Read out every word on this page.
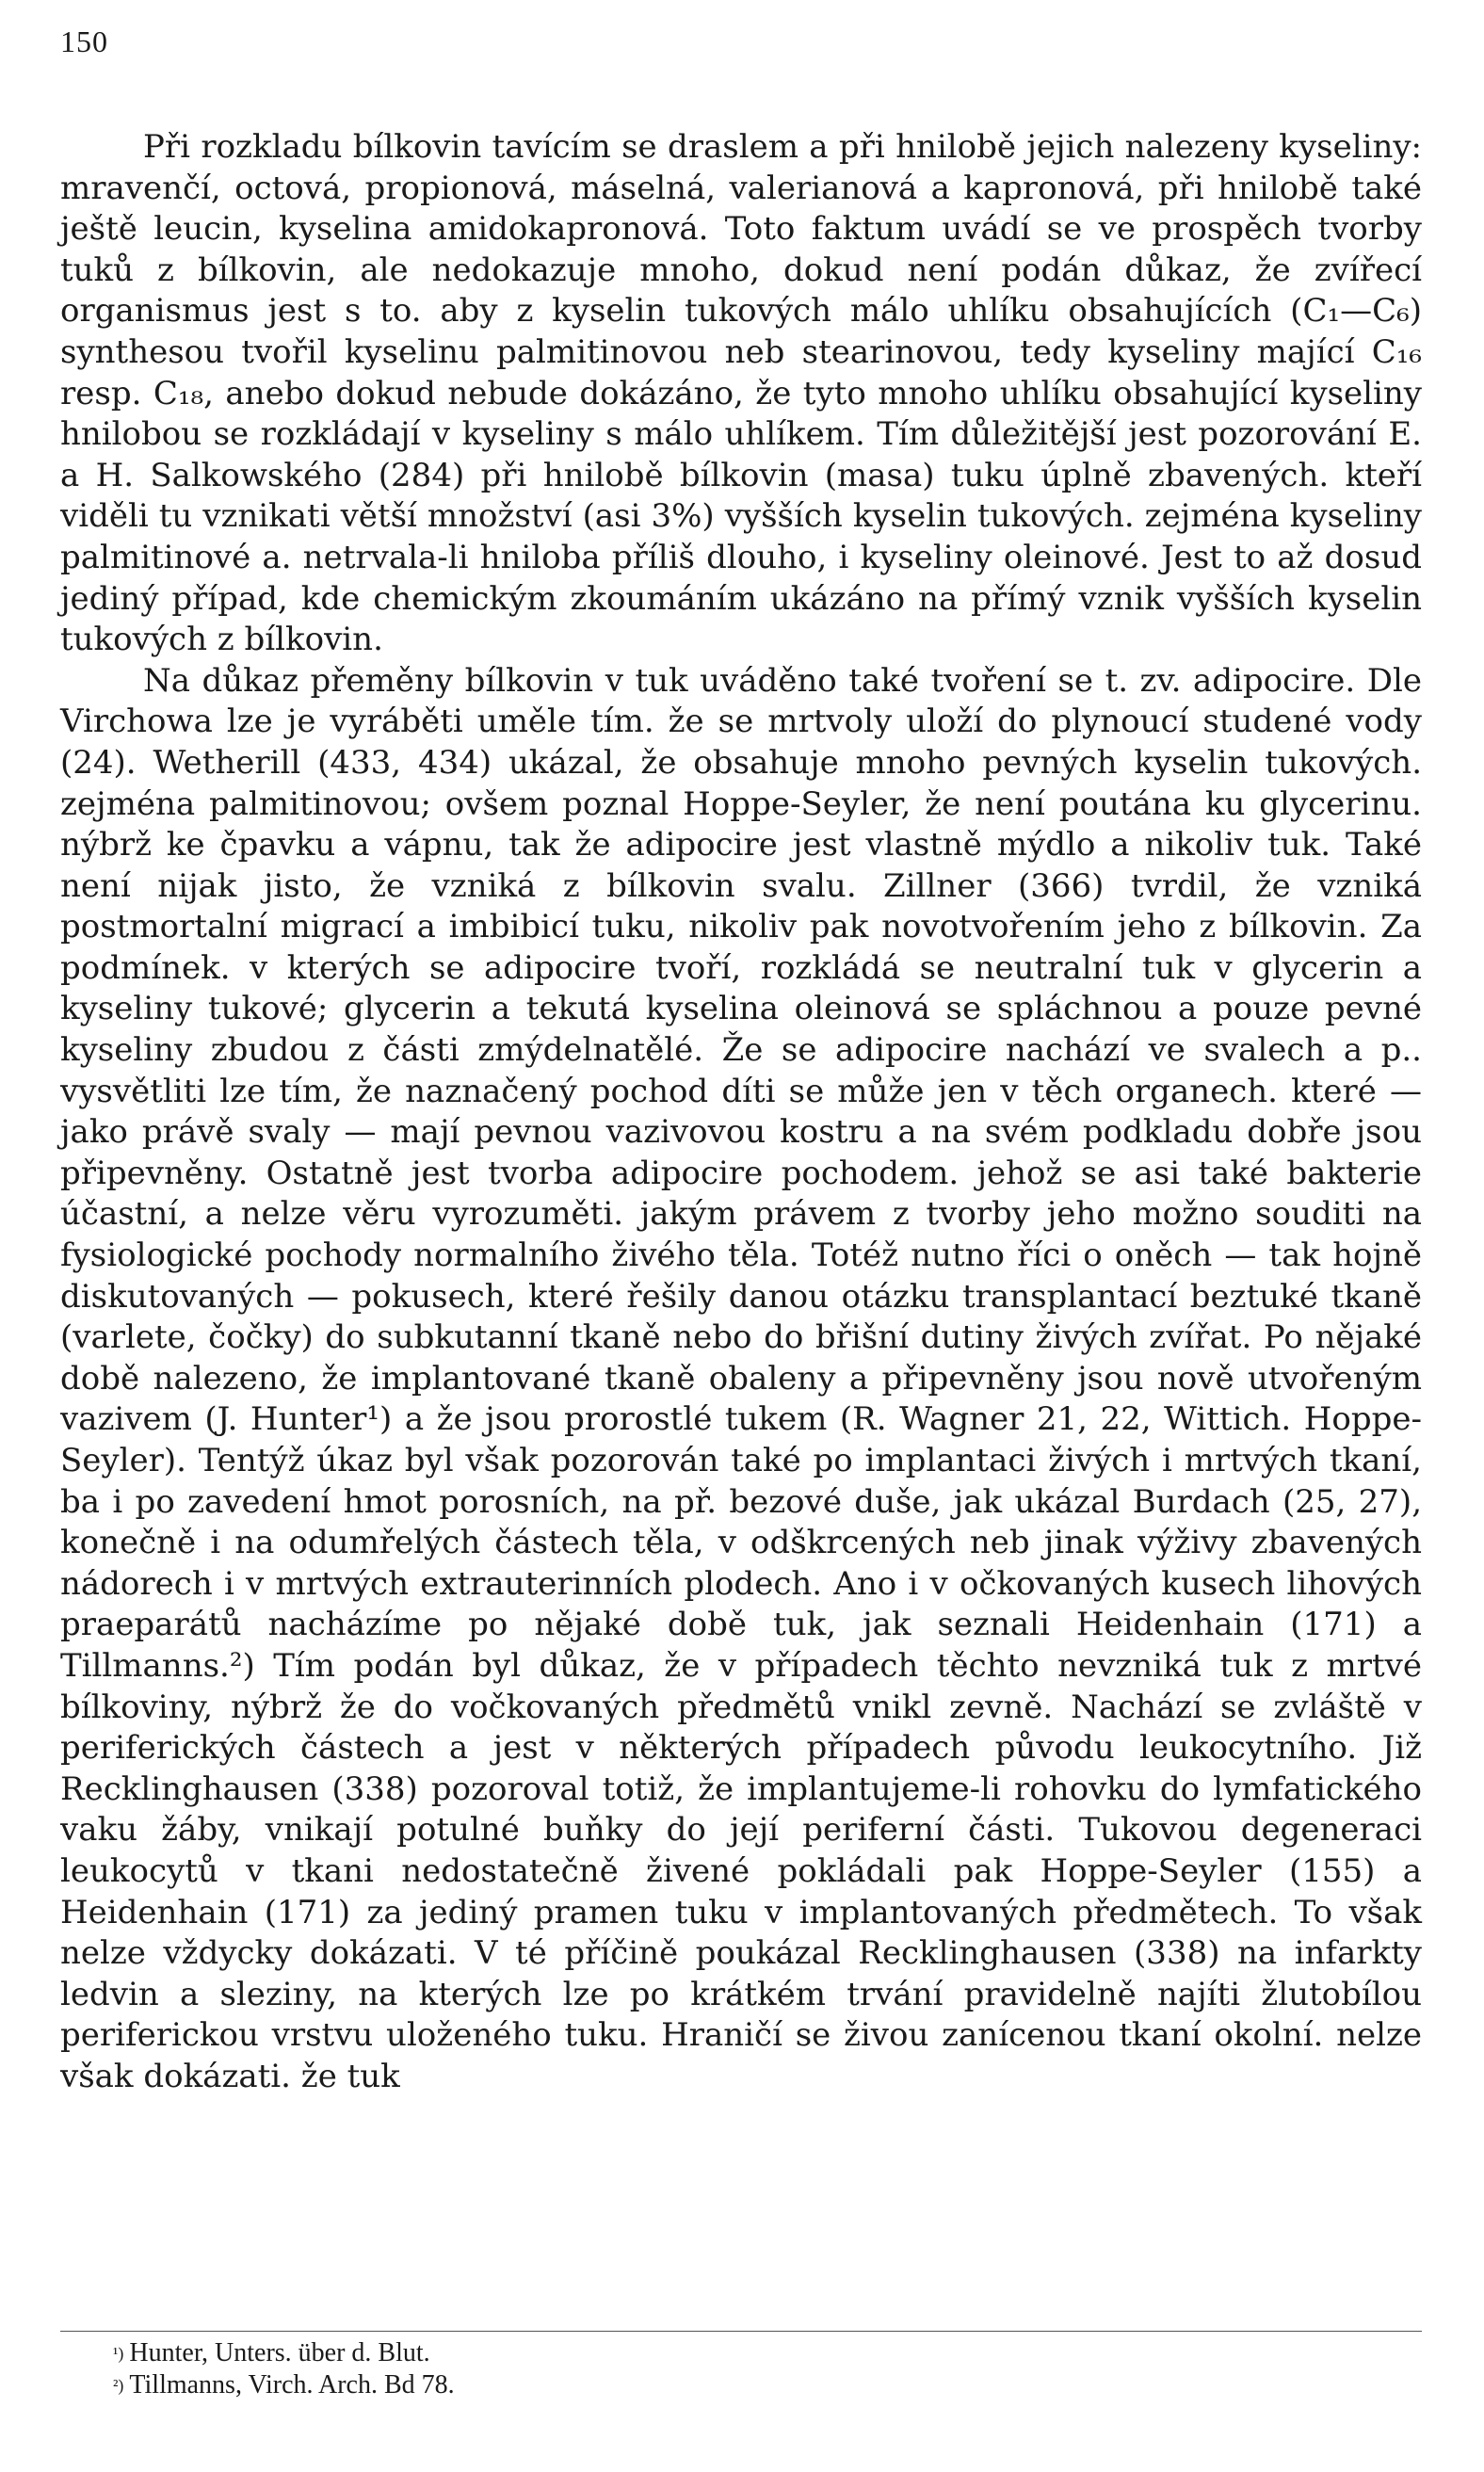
150

Při rozkladu bílkovin tavícím se draslem a při hnilobě jejich nalezeny kyseliny: mravenčí, octová, propionová, máselná, valerianová a kapronová, při hnilobě také ještě leucin, kyselina amidokapronová. Toto faktum uvádí se ve prospěch tvorby tuků z bílkovin, ale nedokazuje mnoho, dokud není podán důkaz, že zvířecí organismus jest s to. aby z kyselin tukových málo uhlíku obsahujících (C₁—C₆) synthesou tvořil kyselinu palmitinovou neb stearinovou, tedy kyseliny mající C₁₆ resp. C₁₈, anebo dokud nebude dokázáno, že tyto mnoho uhlíku obsahující kyseliny hnilobou se rozkládají v kyseliny s málo uhlíkem. Tím důležitější jest pozorování E. a H. Salkowského (284) při hnilobě bílkovin (masa) tuku úplně zbavených. kteří viděli tu vznikati větší množství (asi 3%) vyšších kyselin tukových. zejména kyseliny palmitinové a. netrvala-li hniloba příliš dlouho, i kyseliny oleinové. Jest to až dosud jediný případ, kde chemickým zkoumáním ukázáno na přímý vznik vyšších kyselin tukových z bílkovin.

Na důkaz přeměny bílkovin v tuk uváděno také tvoření se t. zv. adipocire. Dle Virchowa lze je vyráběti uměle tím. že se mrtvoly uloží do plynoucí studené vody (24). Wetherill (433, 434) ukázal, že obsahuje mnoho pevných kyselin tukových. zejména palmitinovou; ovšem poznal Hoppe-Seyler, že není poutána ku glycerinu. nýbrž ke čpavku a vápnu, tak že adipocire jest vlastně mýdlo a nikoliv tuk. Také není nijak jisto, že vzniká z bílkovin svalu. Zillner (366) tvrdil, že vzniká postmortalní migrací a imbibicí tuku, nikoliv pak novotvořením jeho z bílkovin. Za podmínek. v kterých se adipocire tvoří, rozkládá se neutralní tuk v glycerin a kyseliny tukové; glycerin a tekutá kyselina oleinová se spláchnou a pouze pevné kyseliny zbudou z části zmýdelnatělé. Že se adipocire nachází ve svalech a p.. vysvětliti lze tím, že naznačený pochod díti se může jen v těch organech. které — jako právě svaly — mají pevnou vazivovou kostru a na svém podkladu dobře jsou připevněny. Ostatně jest tvorba adipocire pochodem. jehož se asi také bakterie účastní, a nelze věru vyrozuměti. jakým právem z tvorby jeho možno souditi na fysiologické pochody normalního živého těla. Totéž nutno říci o oněch — tak hojně diskutovaných — pokusech, které řešily danou otázku transplantací beztuké tkaně (varlete, čočky) do subkutanní tkaně nebo do břišní dutiny živých zvířat. Po nějaké době nalezeno, že implantované tkaně obaleny a připevněny jsou nově utvořeným vazivem (J. Hunter¹) a že jsou prorostlé tukem (R. Wagner 21, 22, Wittich. Hoppe-Seyler). Tentýž úkaz byl však pozorován také po implantaci živých i mrtvých tkaní, ba i po zavedení hmot porosních, na př. bezové duše, jak ukázal Burdach (25, 27), konečně i na odumřelých částech těla, v odškrcených neb jinak výživy zbavených nádorech i v mrtvých extrauterinních plodech. Ano i v očkovaných kusech lihových praeparátů nacházíme po nějaké době tuk, jak seznali Heidenhain (171) a Tillmanns.²) Tím podán byl důkaz, že v případech těchto nevzniká tuk z mrtvé bílkoviny, nýbrž že do vočkovaných předmětů vnikl zevně. Nachází se zvláště v periferických částech a jest v některých případech původu leukocytního. Již Recklinghausen (338) pozoroval totiž, že implantujeme-li rohovku do lymfatického vaku žáby, vnikají potulné buňky do její periferní části. Tukovou degeneraci leukocytů v tkani nedostatečně živené pokládali pak Hoppe-Seyler (155) a Heidenhain (171) za jediný pramen tuku v implantovaných předmětech. To však nelze vždycky dokázati. V té příčině poukázal Recklinghausen (338) na infarkty ledvin a sleziny, na kterých lze po krátkém trvání pravidelně najíti žlutobílou periferickou vrstvu uloženého tuku. Hraničí se živou zanícenou tkaní okolní. nelze však dokázati. že tuk

$^{^1)}$ Hunter, Unters. über d. Blut.

$^{^2)}$ Tillmanns, Virch. Arch. Bd 78.
